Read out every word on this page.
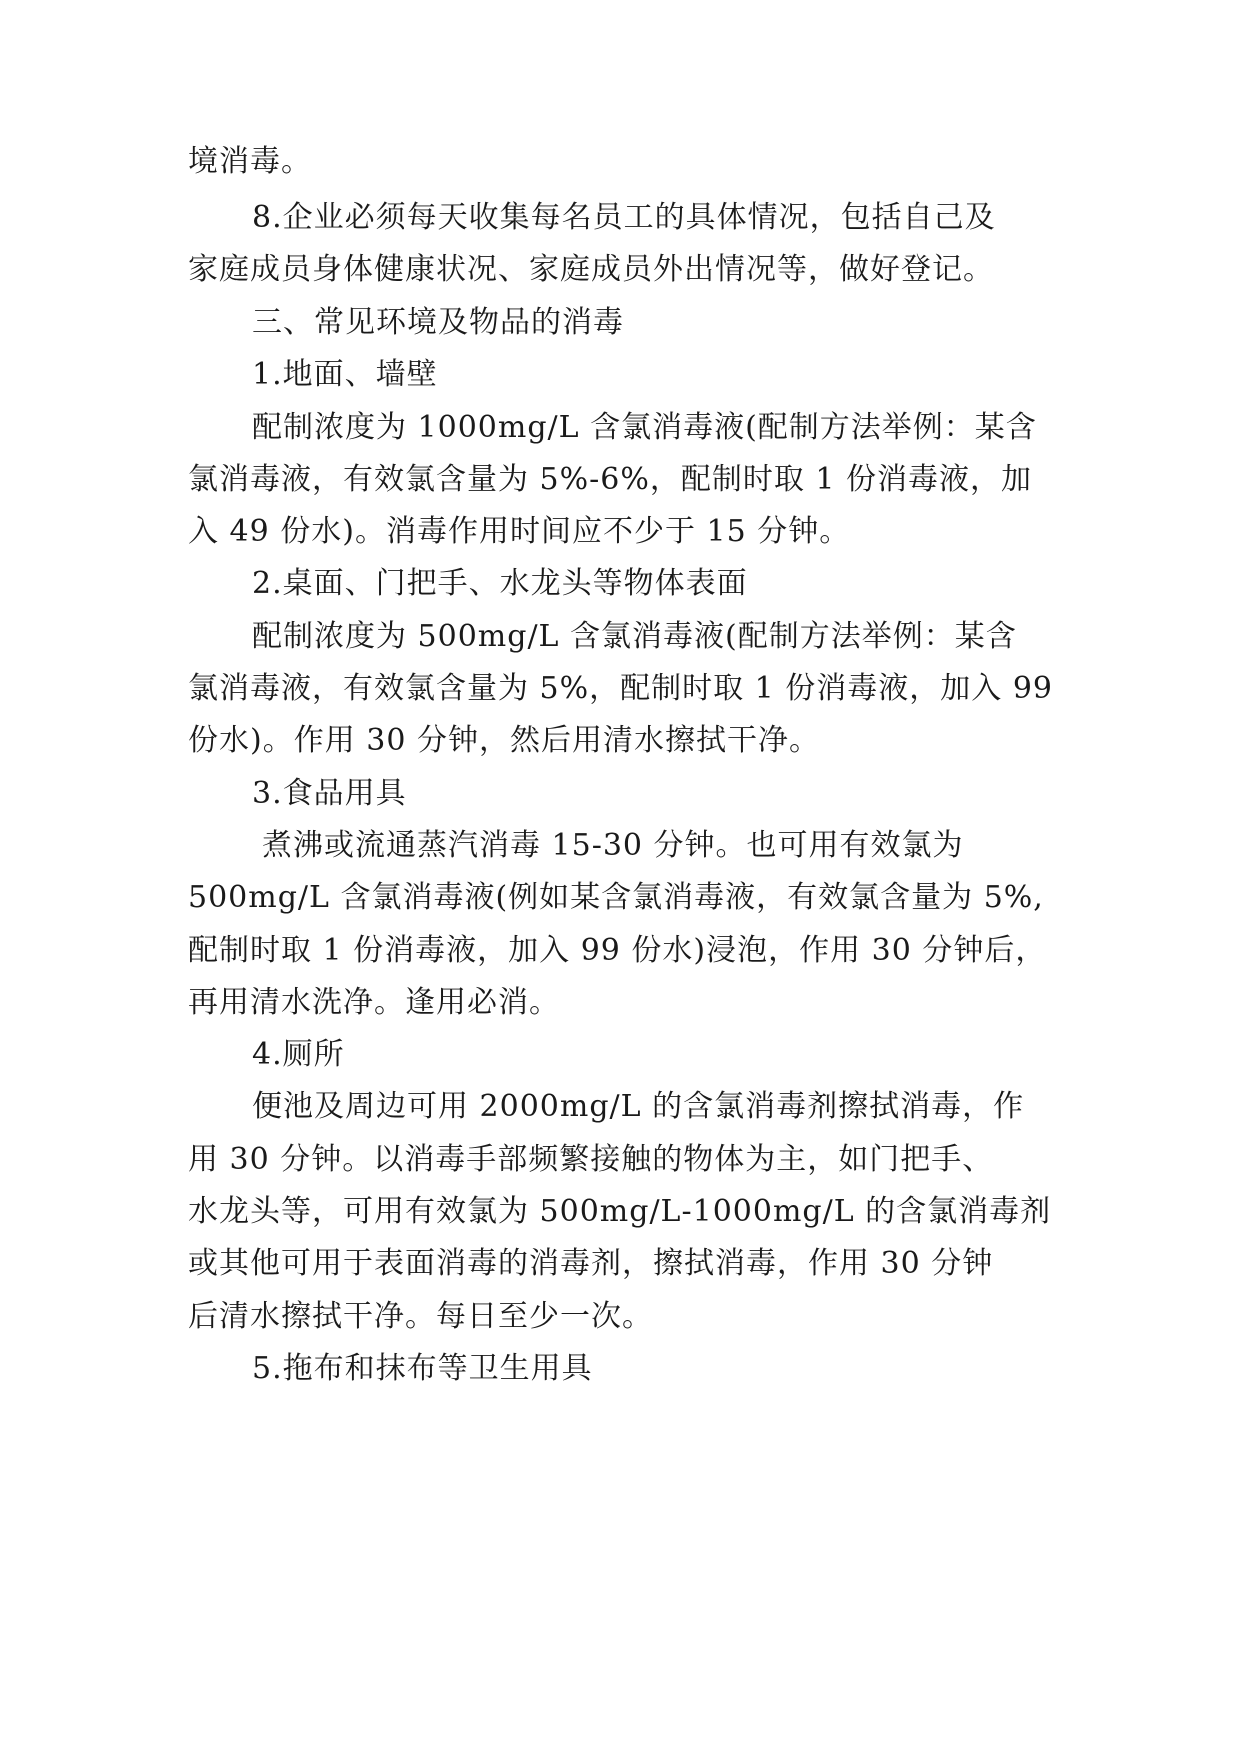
境消毒。
8.企业必须每天收集每名员工的具体情况，包括自己及
家庭成员身体健康状况、家庭成员外出情况等，做好登记。
三、常见环境及物品的消毒
1.地面、墙壁
配制浓度为 1000mg/L 含氯消毒液(配制方法举例：某含
氯消毒液，有效氯含量为 5%-6%，配制时取 1 份消毒液，加
入 49 份水)。消毒作用时间应不少于 15 分钟。
2.桌面、门把手、水龙头等物体表面
配制浓度为 500mg/L 含氯消毒液(配制方法举例：某含
氯消毒液，有效氯含量为 5%，配制时取 1 份消毒液，加入 99
份水)。作用 30 分钟，然后用清水擦拭干净。
3.食品用具
煮沸或流通蒸汽消毒 15-30 分钟。也可用有效氯为
500mg/L 含氯消毒液(例如某含氯消毒液，有效氯含量为 5%,
配制时取 1 份消毒液，加入 99 份水)浸泡，作用 30 分钟后，
再用清水洗净。逢用必消。
4.厕所
便池及周边可用 2000mg/L 的含氯消毒剂擦拭消毒，作
用 30 分钟。以消毒手部频繁接触的物体为主，如门把手、
水龙头等，可用有效氯为 500mg/L-1000mg/L 的含氯消毒剂
或其他可用于表面消毒的消毒剂，擦拭消毒，作用 30 分钟
后清水擦拭干净。每日至少一次。
5.拖布和抹布等卫生用具
